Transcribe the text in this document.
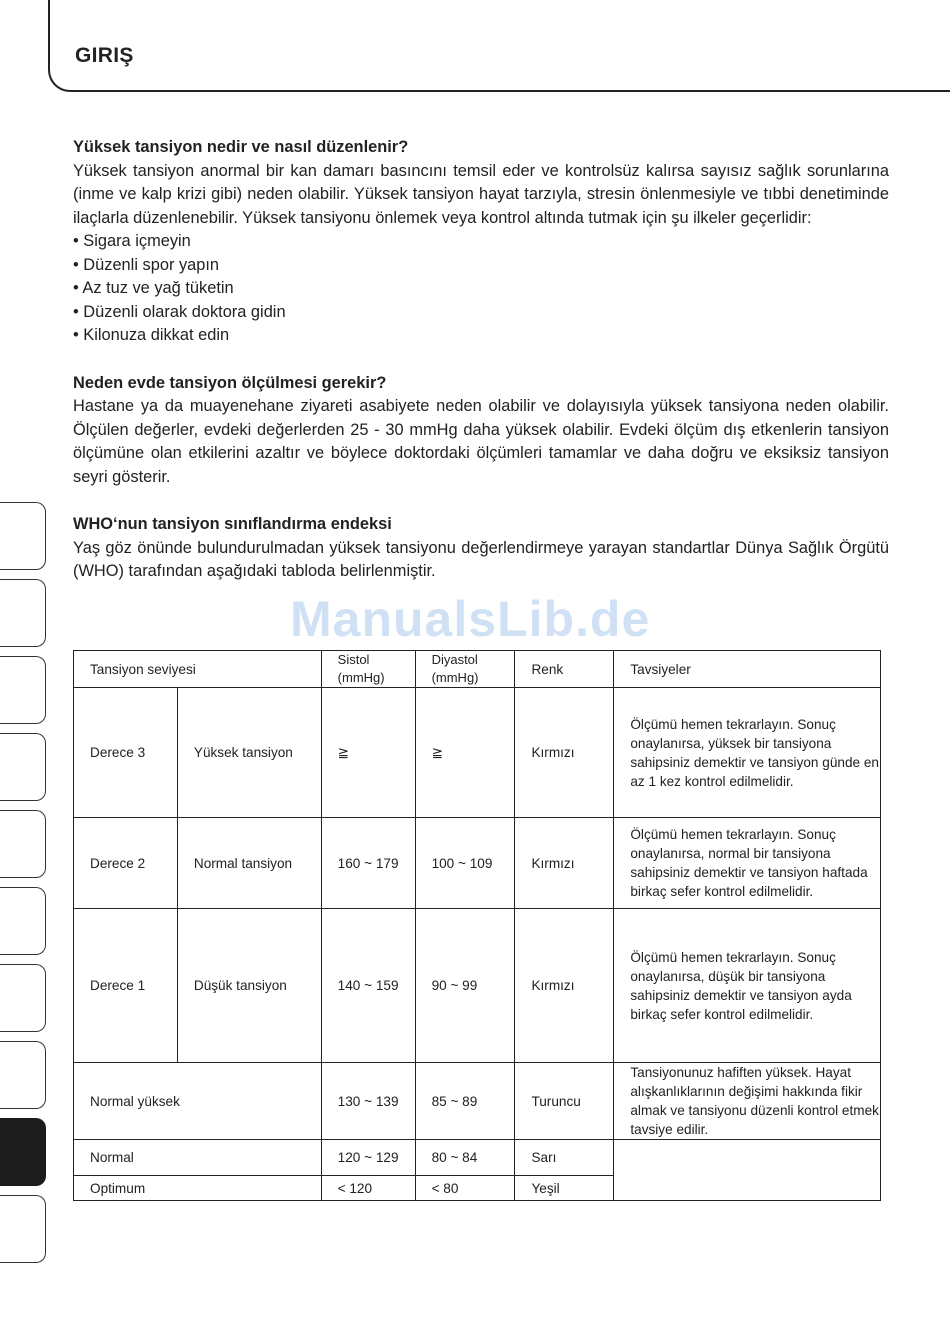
GIRIŞ
Yüksek tansiyon nedir ve nasıl düzenlenir?

Yüksek tansiyon anormal bir kan damarı basıncını temsil eder ve kontrolsüz kalırsa sayısız sağlık sorunlarına (inme ve kalp krizi gibi) neden olabilir. Yüksek tansiyon hayat tarzıyla, stresin önlenmesiyle ve tıbbi denetiminde ilaçlarla düzenlenebilir. Yüksek tansiyonu önlemek veya kontrol altında tutmak için şu ilkeler geçerlidir:

• Sigara içmeyin
• Düzenli spor yapın
• Az tuz ve yağ tüketin
• Düzenli olarak doktora gidin
• Kilonuza dikkat edin
Neden evde tansiyon ölçülmesi gerekir?

Hastane ya da muayenehane ziyareti asabiyete neden olabilir ve dolayısıyla yüksek tansiyona neden olabilir. Ölçülen değerler, evdeki değerlerden 25 - 30 mmHg daha yüksek olabilir. Evdeki ölçüm dış etkenlerin tansiyon ölçümüne olan etkilerini azaltır ve böylece doktordaki ölçümleri tamamlar ve daha doğru ve eksiksiz tansiyon seyri gösterir.

WHO‘nun tansiyon sınıflandırma endeksi

Yaş göz önünde bulundurulmadan yüksek tansiyonu değerlendirmeye yarayan standartlar Dünya Sağlık Örgütü (WHO) tarafından aşağıdaki tabloda belirlenmiştir.

Tansiyon seviyesi		Sistol (mmHg)	Diyastol (mmHg)	Renk	Tavsiyeler
Derece 3	Yüksek tansiyon	≧	≧	Kırmızı	Ölçümü hemen tekrarlayın. Sonuç onaylanırsa, yüksek bir tansiyona sahipsiniz demektir ve tansiyon günde en az 1 kez kontrol edilmelidir.
Derece 2	Normal tansiyon	160 ~ 179	100 ~ 109	Kırmızı	Ölçümü hemen tekrarlayın. Sonuç onaylanırsa, normal bir tansiyona sahipsiniz demektir ve tansiyon haftada birkaç sefer kontrol edilmelidir.
Derece 1	Düşük tansiyon	140 ~ 159	90 ~ 99	Kırmızı	Ölçümü hemen tekrarlayın. Sonuç onaylanırsa, düşük bir tansiyona sahipsiniz demektir ve tansiyon ayda birkaç sefer kontrol edilmelidir.
Normal yüksek		130 ~ 139	85 ~ 89	Turuncu	Tansiyonunuz hafiften yüksek. Hayat alışkanlıklarının değişimi hakkında fikir almak ve tansiyonu düzenli kontrol etmek tavsiye edilir.
Normal		120 ~ 129	80 ~ 84	Sarı	
Optimum		< 120	< 80	Yeşil	
ManualsLib.de
